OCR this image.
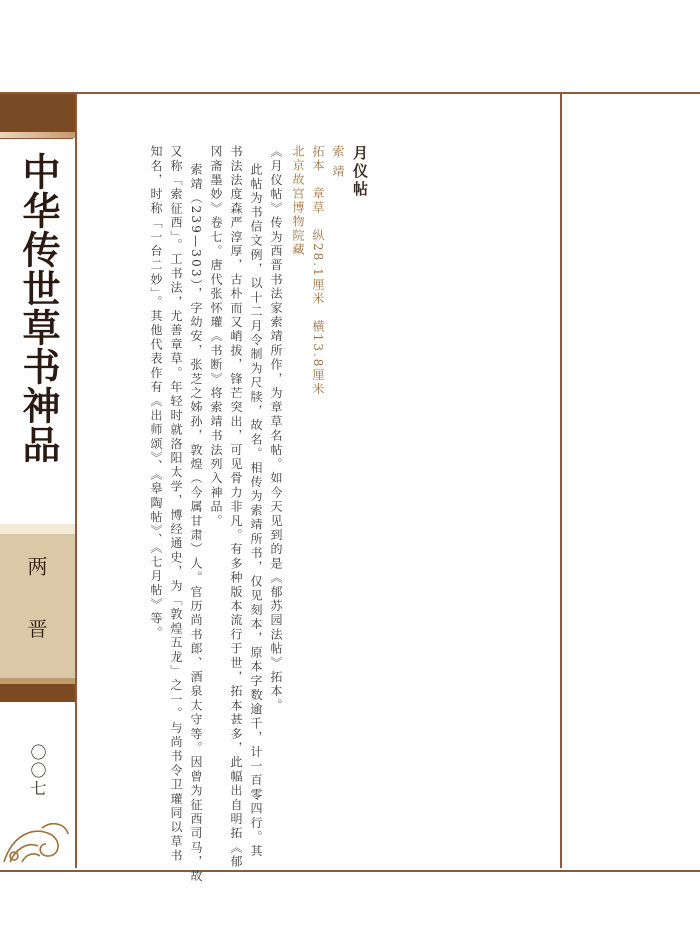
中华传世草书神品
两 晋
〇〇七
月仪帖
索 靖
拓本　章草　纵28.1厘米　横13.8厘米
北京故宫博物院藏
《月仪帖》传为西晋书法家索靖所作，为章草名帖。如今天见到的是《郁苏园法帖》拓本。
此帖为书信文例，以十二月令制为尺牍，故名。相传为索靖所书，仅见刻本，原本字数逾千，计一百零四行。其
书法法度森严淳厚，古朴而又峭拔，锋芒突出，可见骨力非凡。有多种版本流行于世，拓本甚多，此幅出自明拓《郁
冈斋墨妙》卷七。唐代张怀瓘《书断》将索靖书法列入神品。
索靖（239—303），字幼安，张芝之姊孙，敦煌（今属甘肃）人。官历尚书郎、酒泉太守等。因曾为征西司马，故
又称「索征西」。工书法，尤善章草。年轻时就洛阳太学，博经通史，为「敦煌五龙」之一。与尚书令卫瓘同以草书
知名，时称「一台二妙」。其他代表作有《出师颂》、《皋陶帖》、《七月帖》等。
